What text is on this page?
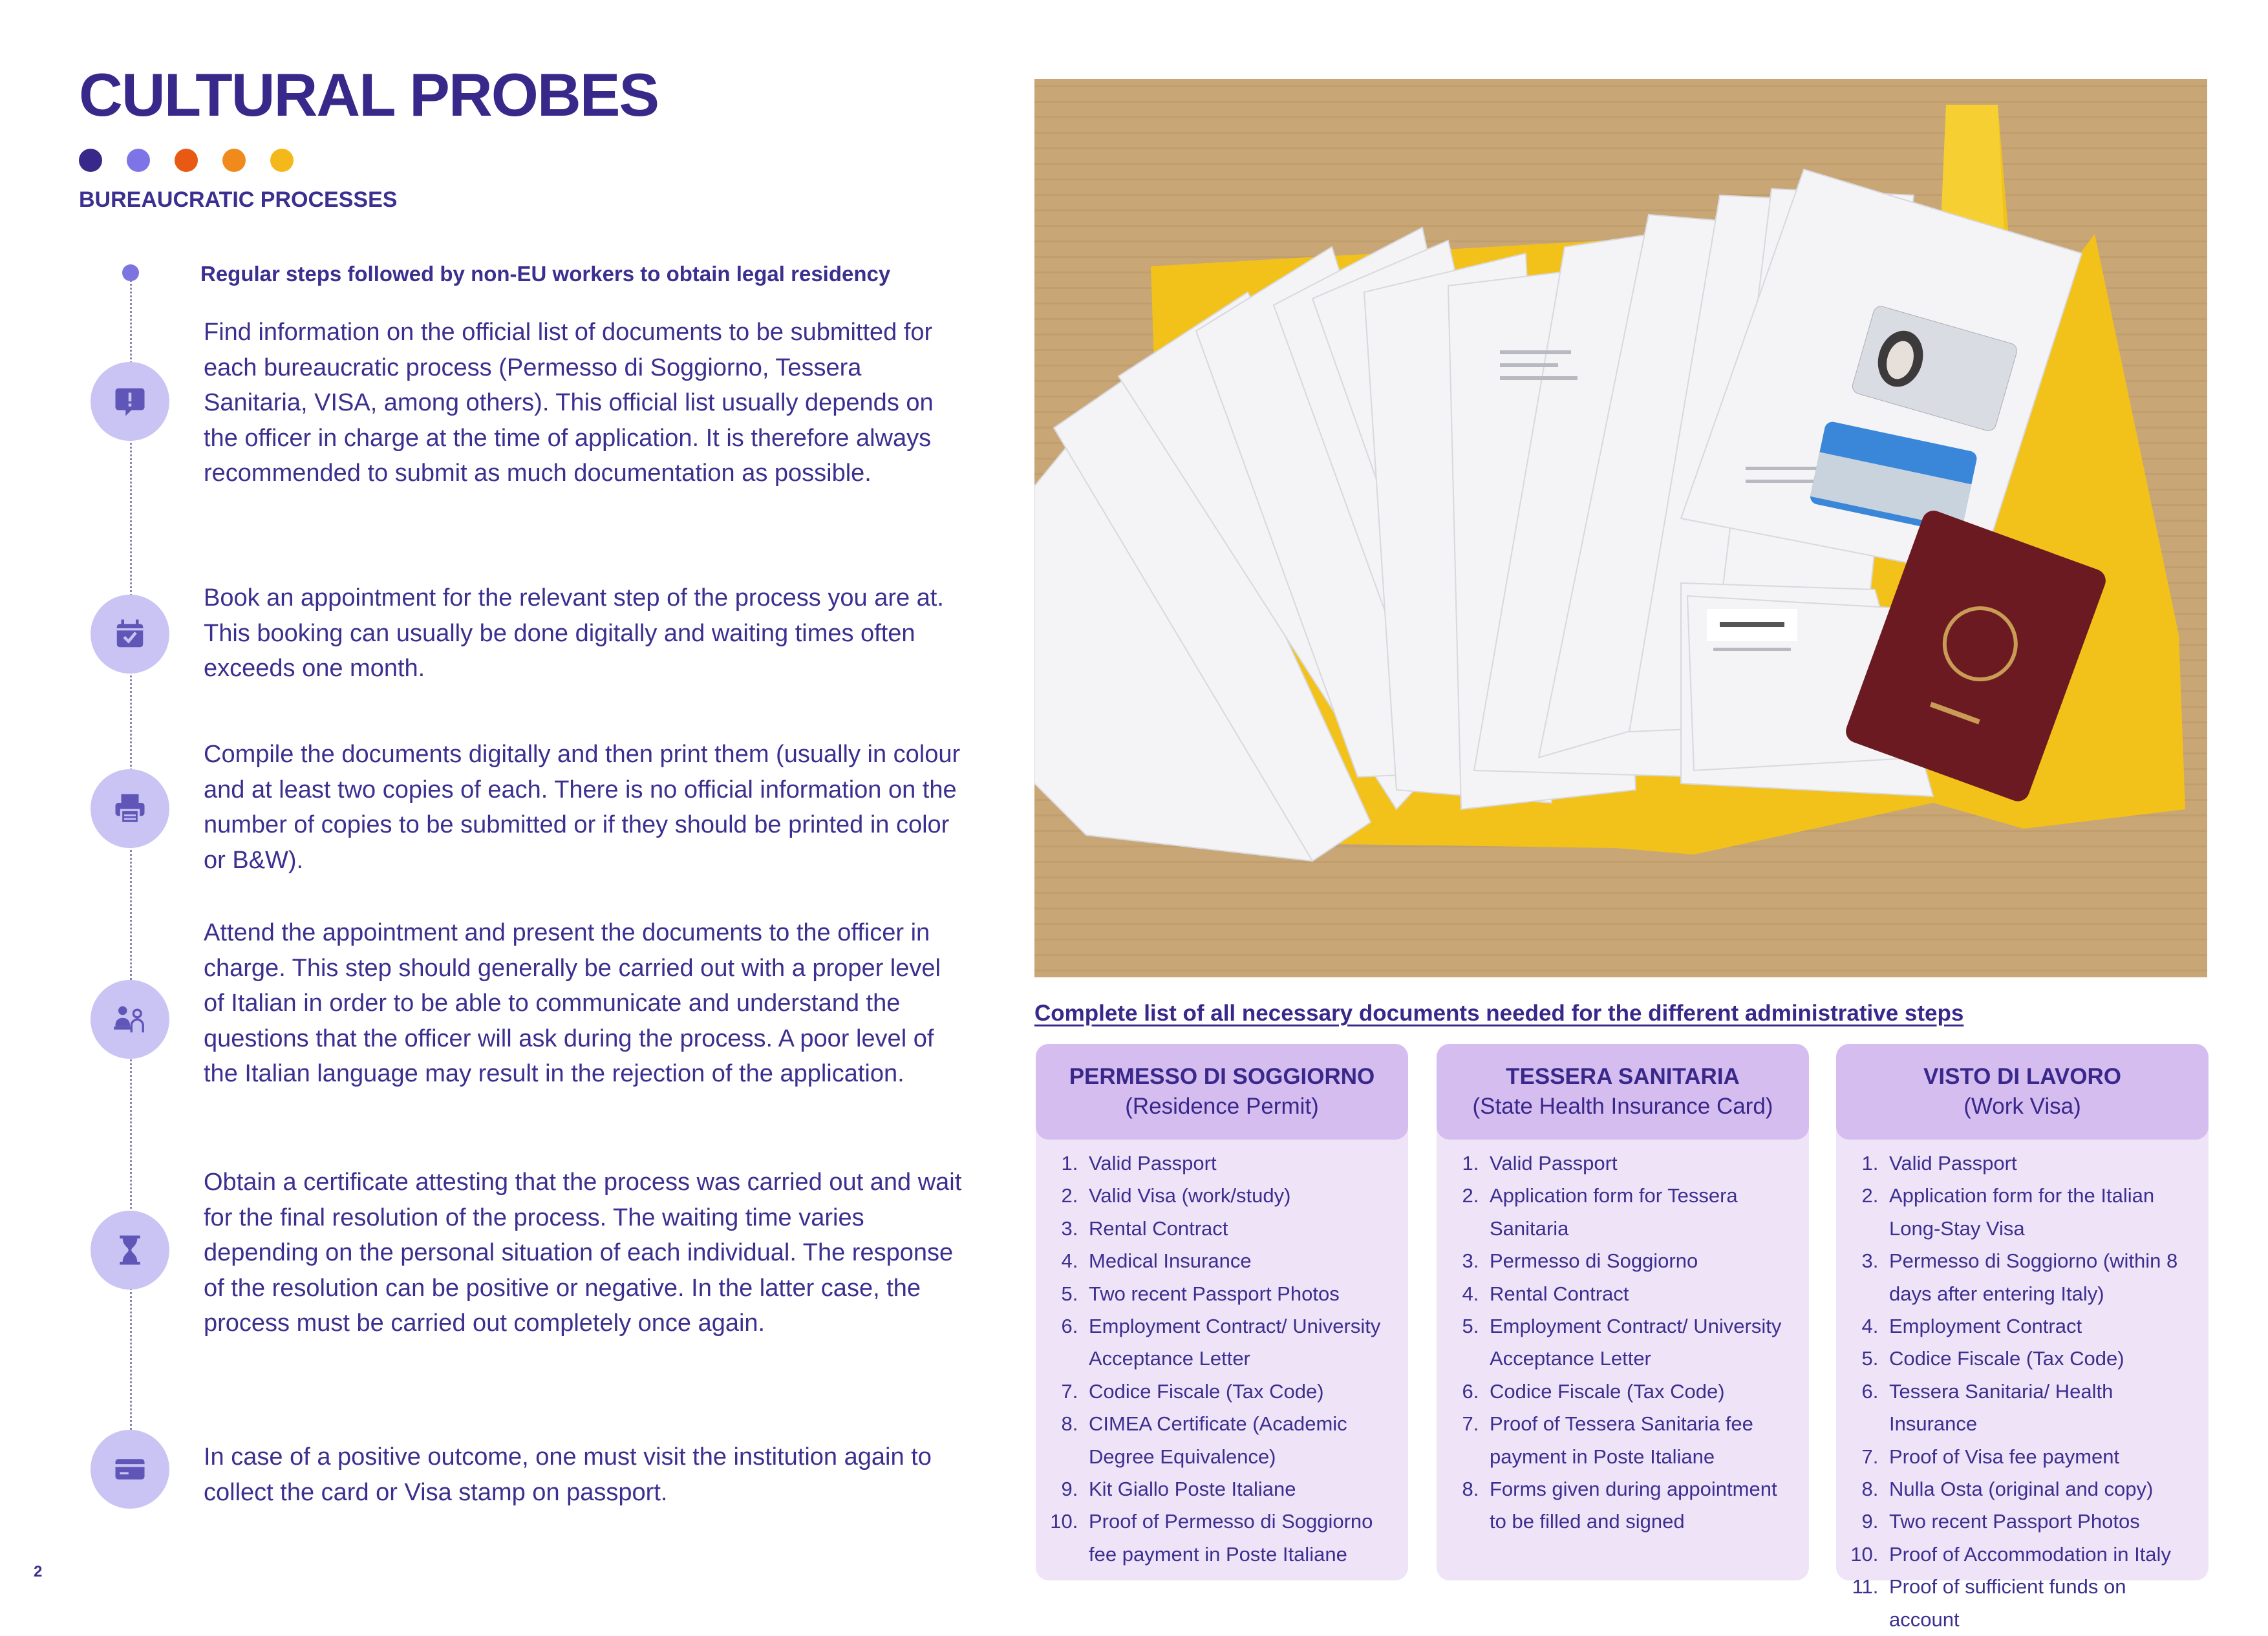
CULTURAL PROBES
BUREAUCRATIC PROCESSES
Regular steps followed by non-EU workers to obtain legal residency
Find information on the official list of documents to be submitted for each bureaucratic process (Permesso di Soggiorno, Tessera Sanitaria, VISA, among others). This official list usually depends on the officer in charge at the time of application. It is therefore always recommended to submit as much documentation as possible.
Book an appointment for the relevant step of the process you are at. This booking can usually be done digitally and waiting times often exceeds one month.
Compile the documents digitally and then print them (usually in colour and at least two copies of each. There is no official information on the number of copies to be submitted or if they should be printed in color or B&W).
Attend the appointment and present the documents to the officer in charge. This step should generally be carried out with a proper level of Italian in order to be able to communicate and understand the questions that the officer will ask during the process. A poor level of the Italian language may result in the rejection of the application.
Obtain a certificate attesting that the process was carried out and wait for the final resolution of the process. The waiting time varies depending on the personal situation of each individual. The response of the resolution can be positive or negative. In the latter case, the process must be carried out completely once again.
In case of a positive outcome, one must visit the institution again to collect the card or Visa stamp on passport.
2
Complete list of all necessary documents needed for the different administrative steps
PERMESSO DI SOGGIORNO
(Residence Permit)
1. Valid Passport
2. Valid Visa (work/study)
3. Rental Contract
4. Medical Insurance
5. Two recent Passport Photos
6. Employment Contract/ University Acceptance Letter
7. Codice Fiscale (Tax Code)
8. CIMEA Certificate (Academic Degree Equivalence)
9. Kit Giallo Poste Italiane
10. Proof of Permesso di Soggiorno fee payment in Poste Italiane
TESSERA SANITARIA
(State Health Insurance Card)
1. Valid Passport
2. Application form for Tessera Sanitaria
3. Permesso di Soggiorno
4. Rental Contract
5. Employment Contract/ University Acceptance Letter
6. Codice Fiscale (Tax Code)
7. Proof of Tessera Sanitaria fee payment in Poste Italiane
8. Forms given during appointment to be filled and signed
VISTO DI LAVORO
(Work Visa)
1. Valid Passport
2. Application form for the Italian Long-Stay Visa
3. Permesso di Soggiorno (within 8 days after entering Italy)
4. Employment Contract
5. Codice Fiscale (Tax Code)
6. Tessera Sanitaria/ Health Insurance
7. Proof of Visa fee payment
8. Nulla Osta (original and copy)
9. Two recent Passport Photos
10. Proof of Accommodation in Italy
11. Proof of sufficient funds on account
